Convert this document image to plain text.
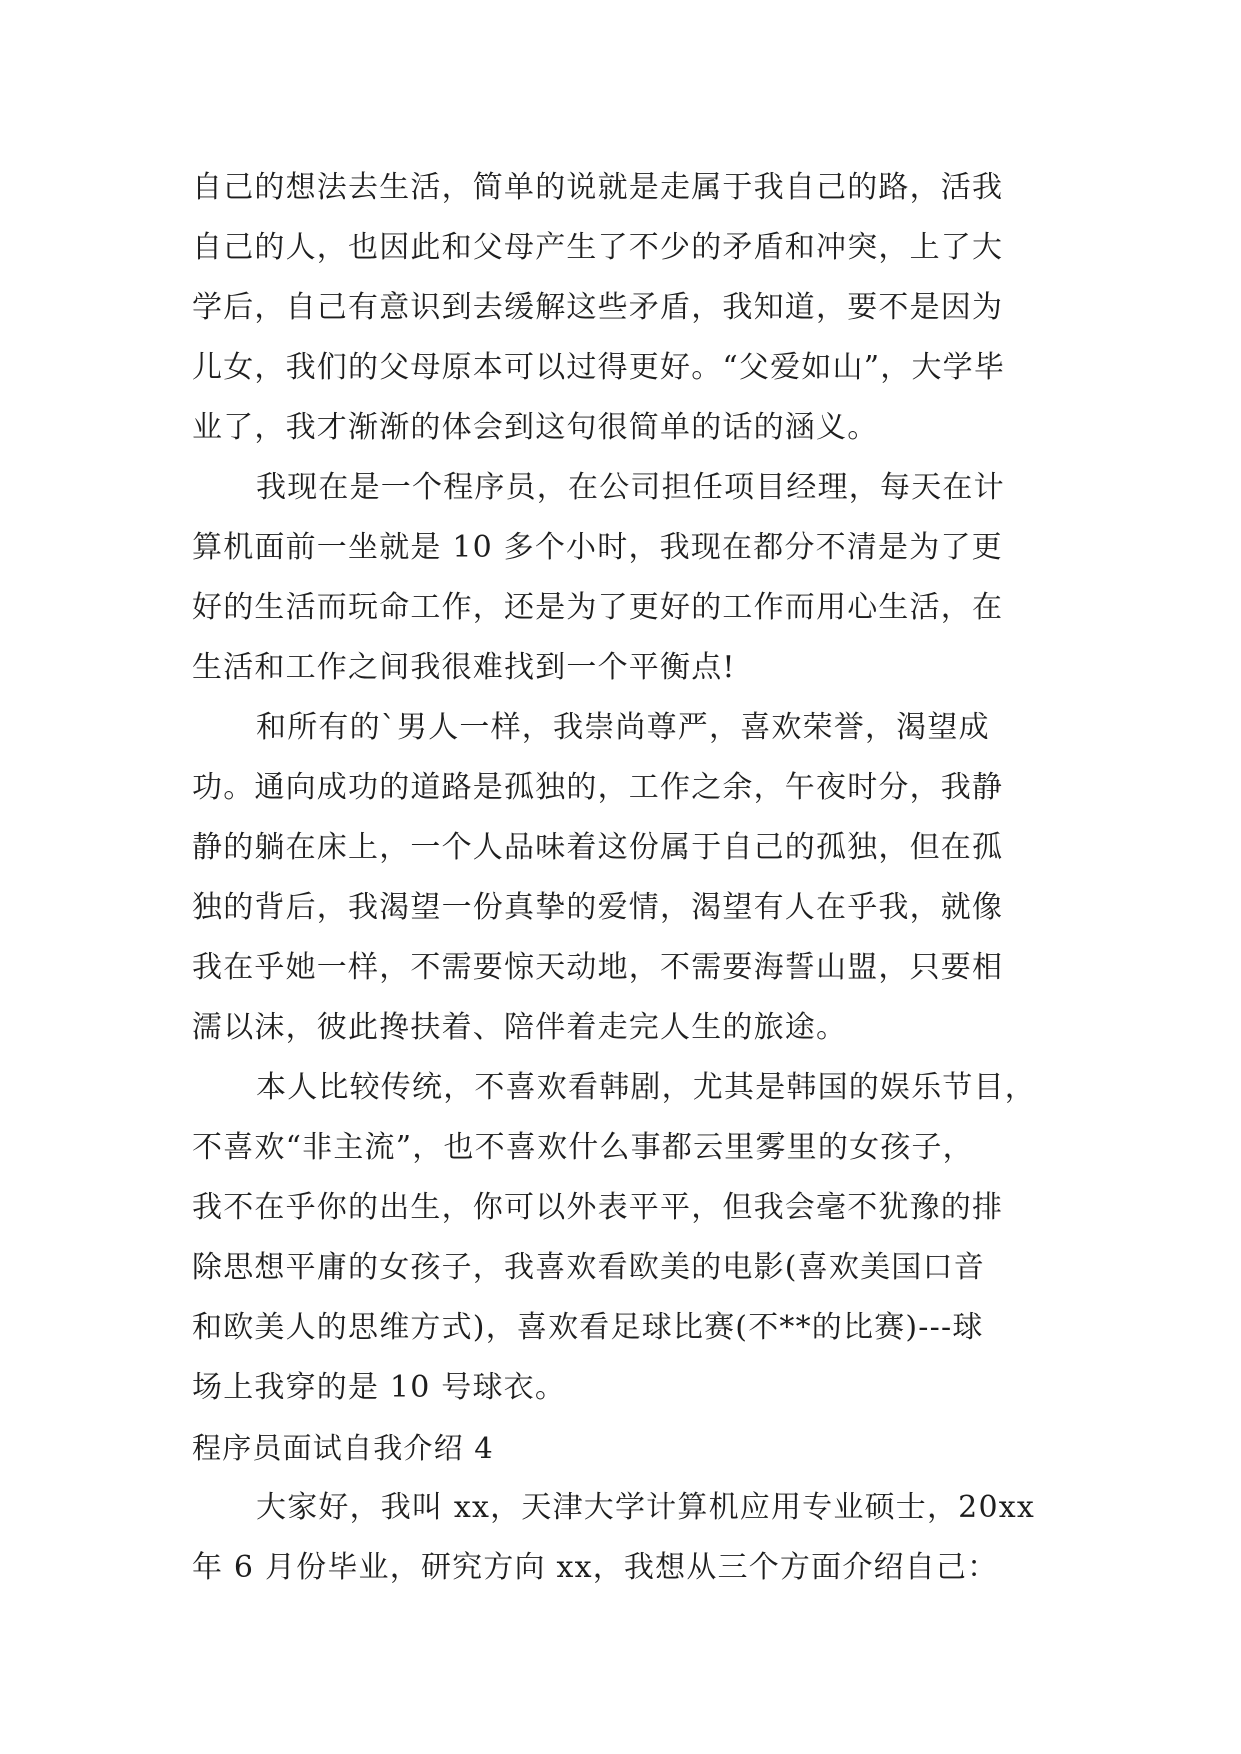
自己的想法去生活，简单的说就是走属于我自己的路，活我
自己的人，也因此和父母产生了不少的矛盾和冲突，上了大
学后，自己有意识到去缓解这些矛盾，我知道，要不是因为
儿女，我们的父母原本可以过得更好。“父爱如山”，大学毕
业了，我才渐渐的体会到这句很简单的话的涵义。
我现在是一个程序员，在公司担任项目经理，每天在计
算机面前一坐就是 10 多个小时，我现在都分不清是为了更
好的生活而玩命工作，还是为了更好的工作而用心生活，在
生活和工作之间我很难找到一个平衡点!
和所有的`男人一样，我崇尚尊严，喜欢荣誉，渴望成
功。通向成功的道路是孤独的，工作之余，午夜时分，我静
静的躺在床上，一个人品味着这份属于自己的孤独，但在孤
独的背后，我渴望一份真挚的爱情，渴望有人在乎我，就像
我在乎她一样，不需要惊天动地，不需要海誓山盟，只要相
濡以沫，彼此搀扶着、陪伴着走完人生的旅途。
本人比较传统，不喜欢看韩剧，尤其是韩国的娱乐节目，
不喜欢“非主流”，也不喜欢什么事都云里雾里的女孩子，
我不在乎你的出生，你可以外表平平，但我会毫不犹豫的排
除思想平庸的女孩子，我喜欢看欧美的电影(喜欢美国口音
和欧美人的思维方式)，喜欢看足球比赛(不**的比赛)---球
场上我穿的是 10 号球衣。
程序员面试自我介绍 4
大家好，我叫 xx，天津大学计算机应用专业硕士，20xx
年 6 月份毕业，研究方向 xx，我想从三个方面介绍自己：
